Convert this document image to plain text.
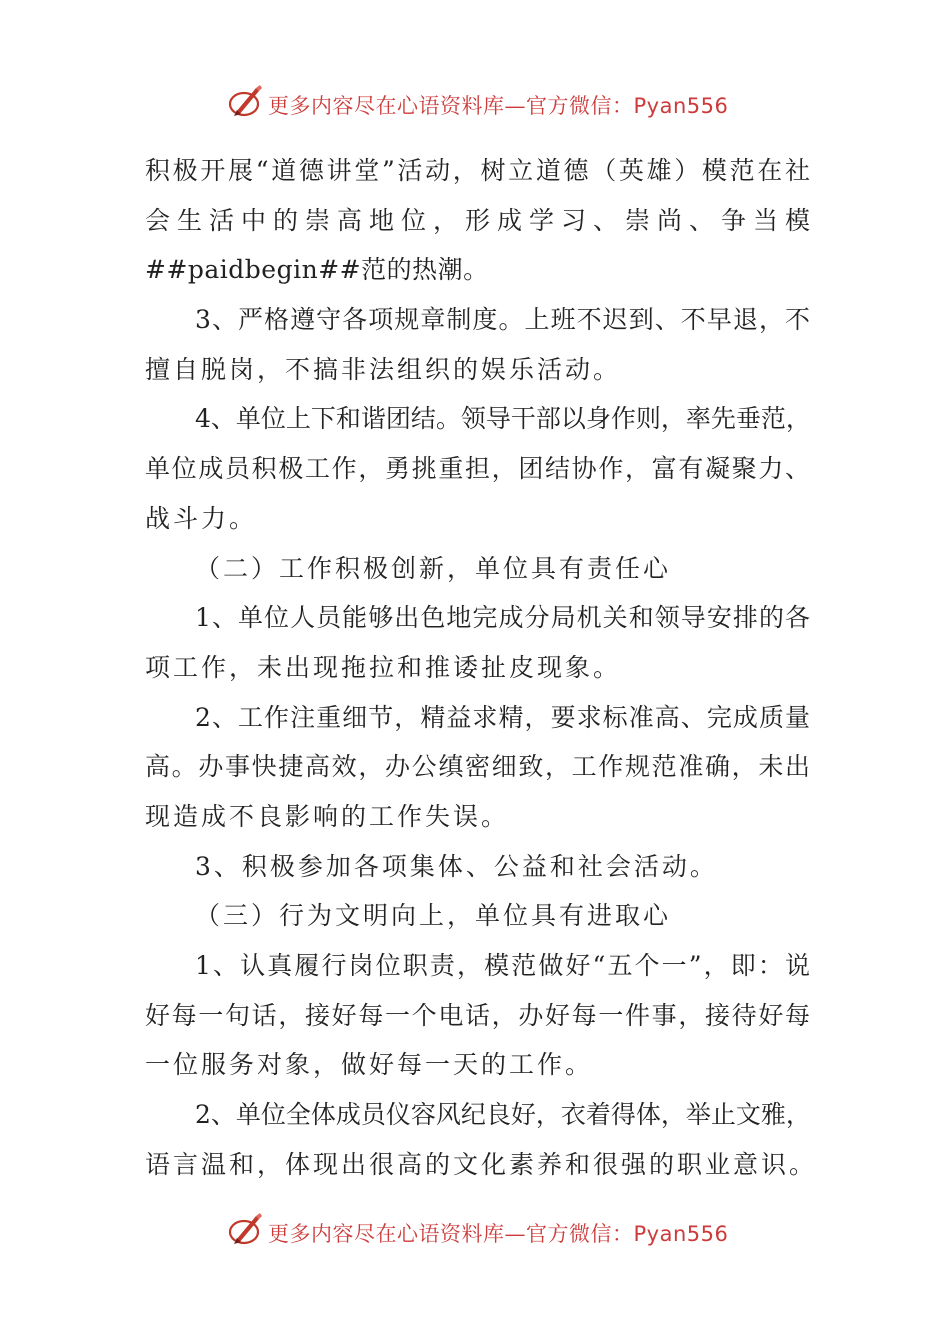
更多内容尽在心语资料库—官方微信：Pyan556
积极开展“道德讲堂”活动，树立道德（英雄）模范在社
会生活中的崇高地位，形成学习、崇尚、争当模
##paidbegin##范的热潮。
3、严格遵守各项规章制度。上班不迟到、不早退，不
擅自脱岗，不搞非法组织的娱乐活动。
4、单位上下和谐团结。领导干部以身作则，率先垂范，
单位成员积极工作，勇挑重担，团结协作，富有凝聚力、
战斗力。
（二）工作积极创新，单位具有责任心
1、单位人员能够出色地完成分局机关和领导安排的各
项工作，未出现拖拉和推诿扯皮现象。
2、工作注重细节，精益求精，要求标准高、完成质量
高。办事快捷高效，办公缜密细致，工作规范准确，未出
现造成不良影响的工作失误。
3、积极参加各项集体、公益和社会活动。
（三）行为文明向上，单位具有进取心
1、认真履行岗位职责，模范做好“五个一”，即：说
好每一句话，接好每一个电话，办好每一件事，接待好每
一位服务对象，做好每一天的工作。
2、单位全体成员仪容风纪良好，衣着得体，举止文雅，
语言温和，体现出很高的文化素养和很强的职业意识。
更多内容尽在心语资料库—官方微信：Pyan556
